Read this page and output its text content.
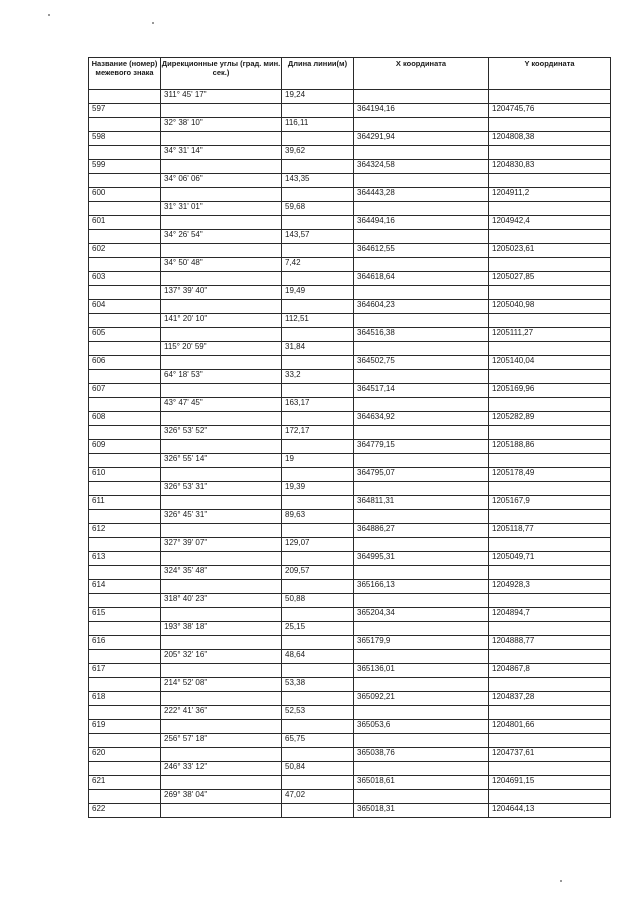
Название (номер) межевого знака	Дирекционные углы (град. мин. сек.)	Длина линии(м)	X координата	Y координата
	311° 45' 17"	19,24		
597			364194,16	1204745,76
	32° 38' 10"	116,11		
598			364291,94	1204808,38
	34° 31' 14"	39,62		
599			364324,58	1204830,83
	34° 06' 06"	143,35		
600			364443,28	1204911,2
	31° 31' 01"	59,68		
601			364494,16	1204942,4
	34° 26' 54"	143,57		
602			364612,55	1205023,61
	34° 50' 48"	7,42		
603			364618,64	1205027,85
	137° 39' 40"	19,49		
604			364604,23	1205040,98
	141° 20' 10"	112,51		
605			364516,38	1205111,27
	115° 20' 59"	31,84		
606			364502,75	1205140,04
	64° 18' 53"	33,2		
607			364517,14	1205169,96
	43° 47' 45"	163,17		
608			364634,92	1205282,89
	326° 53' 52"	172,17		
609			364779,15	1205188,86
	326° 55' 14"	19		
610			364795,07	1205178,49
	326° 53' 31"	19,39		
611			364811,31	1205167,9
	326° 45' 31"	89,63		
612			364886,27	1205118,77
	327° 39' 07"	129,07		
613			364995,31	1205049,71
	324° 35' 48"	209,57		
614			365166,13	1204928,3
	318° 40' 23"	50,88		
615			365204,34	1204894,7
	193° 38' 18"	25,15		
616			365179,9	1204888,77
	205° 32' 16"	48,64		
617			365136,01	1204867,8
	214° 52' 08"	53,38		
618			365092,21	1204837,28
	222° 41' 36"	52,53		
619			365053,6	1204801,66
	256° 57' 18"	65,75		
620			365038,76	1204737,61
	246° 33' 12"	50,84		
621			365018,61	1204691,15
	269° 38' 04"	47,02		
622			365018,31	1204644,13
